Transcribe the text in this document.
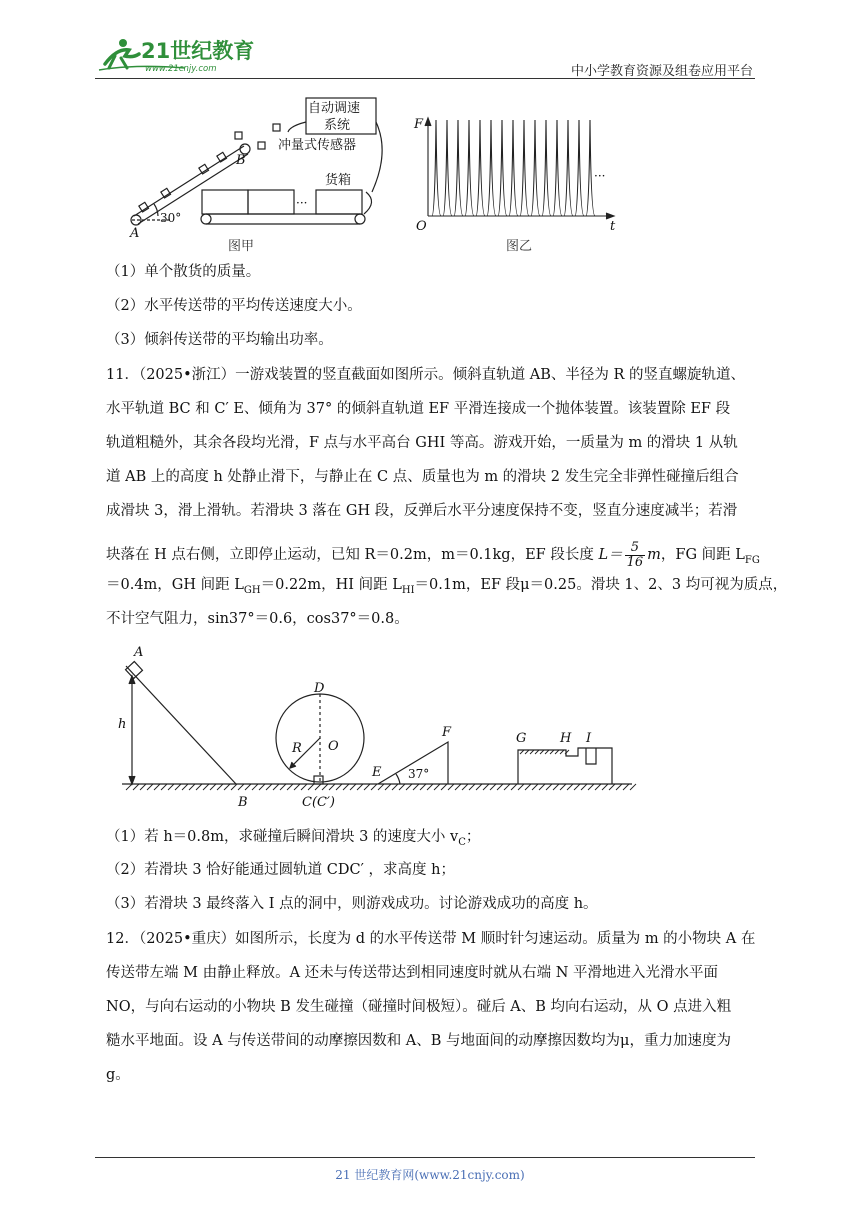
21世纪教育
www.21cnjy.com	中小学教育资源及组卷应用平台
A
B
30°
自动调速
系统
冲量式传感器
货箱
···
图甲
F
O	t
···
图乙
（1）单个散货的质量。
（2）水平传送带的平均传送速度大小。
（3）倾斜传送带的平均输出功率。
11．（2025•浙江）一游戏装置的竖直截面如图所示。倾斜直轨道 AB、半径为 R 的竖直螺旋轨道、
水平轨道 BC 和 C′ E、倾角为 37° 的倾斜直轨道 EF 平滑连接成一个抛体装置。该装置除 EF 段
轨道粗糙外，其余各段均光滑，F 点与水平高台 GHI 等高。游戏开始，一质量为 m 的滑块 1 从轨
道 AB 上的高度 h 处静止滑下，与静止在 C 点、质量也为 m 的滑块 2 发生完全非弹性碰撞后组合
成滑块 3，滑上滑轨。若滑块 3 落在 GH 段，反弹后水平分速度保持不变，竖直分速度减半；若滑
块落在 H 点右侧，立即停止运动，已知 R＝0.2m，m＝0.1kg，EF 段长度 $L= \frac{5}{16}$ m，FG 间距 $L_{FG}$
＝0.4m，GH 间距 $L_{GH}=0.22m$，HI 间距 $L_{HI}=0.1m$，EF 段μ＝0.25。滑块 1、2、3 均可视为质点，
不计空气阻力，sin37°＝0.6，cos37°＝0.8。
A
h
B	C(C′)
D
R O
E
F
37°
G	H I
（1）若 h＝0.8m，求碰撞后瞬间滑块 3 的速度大小 $v_C$；
（2）若滑块 3 恰好能通过圆轨道 CDC′ ，求高度 h；
（3）若滑块 3 最终落入 I 点的洞中，则游戏成功。讨论游戏成功的高度 h。
12．（2025•重庆）如图所示，长度为 d 的水平传送带 M 顺时针匀速运动。质量为 m 的小物块 A 在
传送带左端 M 由静止释放。A 还未与传送带达到相同速度时就从右端 N 平滑地进入光滑水平面
NO，与向右运动的小物块 B 发生碰撞（碰撞时间极短）。碰后 A、B 均向右运动，从 O 点进入粗
糙水平地面。设 A 与传送带间的动摩擦因数和 A、B 与地面间的动摩擦因数均为μ，重力加速度为
g。
21 世纪教育网(www.21cnjy.com)
